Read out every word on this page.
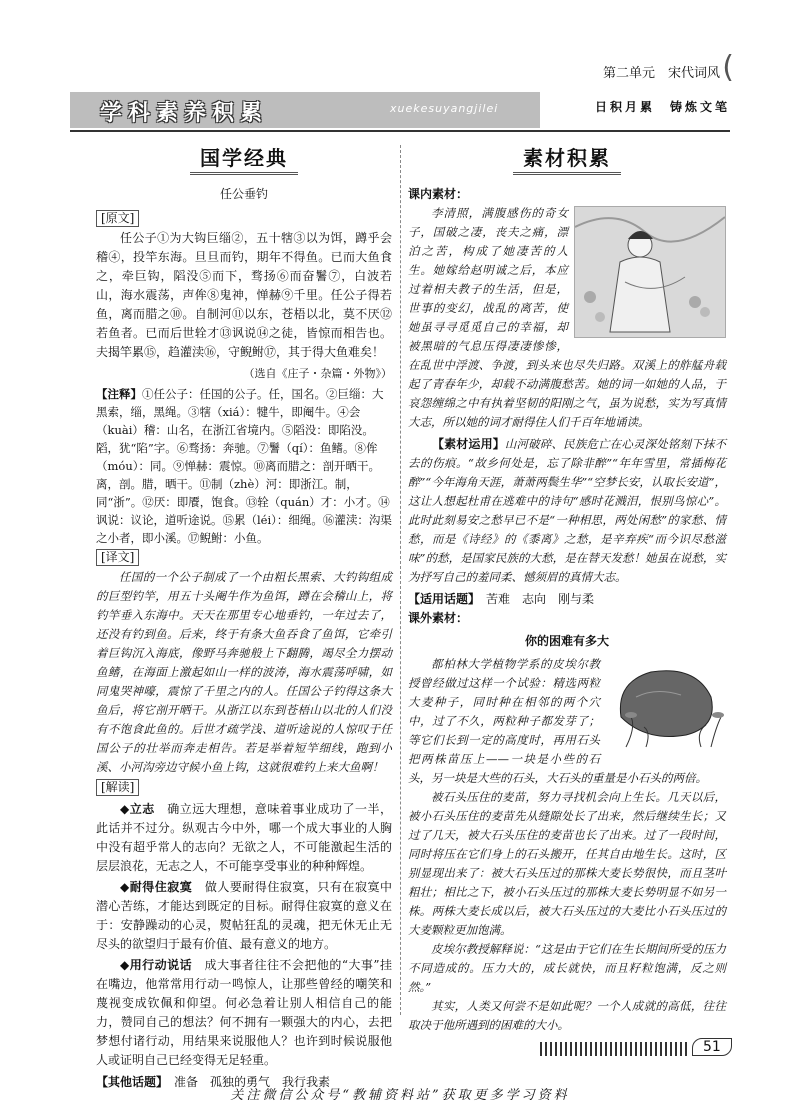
第二单元　宋代词风 (
学科素养积累	xuekesuyangjilei	日积月累　铸炼文笔
国学经典
任公垂钓
[原文]

任公子①为大钩巨缁②，五十犗③以为饵，蹲乎会稽④，投竿东海。旦旦而钓，期年不得鱼。已而大鱼食之，牵巨钩，䧟没⑤而下，骛扬⑥而奋鬐⑦，白波若山，海水震荡，声侔⑧鬼神，惮赫⑨千里。任公子得若鱼，离而腊之⑩。自制河⑪以东，苍梧以北，莫不厌⑫若鱼者。已而后世辁才⑬讽说⑭之徒，皆惊而相告也。夫揭竿累⑮，趋灌渎⑯，守鲵鲋⑰，其于得大鱼难矣！

（选自《庄子・杂篇・外物》）
【注释】①任公子：任国的公子。任，国名。②巨缁：大黑索，缁，黑绳。③犗（xiá）：犍牛，即阉牛。④会（kuài）稽：山名，在浙江省境内。⑤䧟没：即陷没。䧟，犹“陷”字。⑥骛扬：奔驰。⑦鬐（qí）：鱼鳍。⑧侔（móu）：同。⑨惮赫：震惊。⑩离而腊之：剖开晒干。离，剖。腊，晒干。⑪制（zhè）河：即浙江。制，同“浙”。⑫厌：即餍，饱食。⑬辁（quán）才：小才。⑭讽说：议论，道听途说。⑮累（léi）：细绳。⑯灌渎：沟渠之小者，即小溪。⑰鲵鲋：小鱼。
[译文]

任国的一个公子制成了一个由粗长黑索、大钓钩组成的巨型钓竿，用五十头阉牛作为鱼饵，蹲在会稽山上，将钓竿垂入东海中。天天在那里专心地垂钓，一年过去了，还没有钓到鱼。后来，终于有条大鱼吞食了鱼饵，它牵引着巨钩沉入海底，像野马奔驰般上下翻腾，竭尽全力摆动鱼鳍，在海面上激起如山一样的波涛，海水震荡呼啸，如同鬼哭神嚎，震惊了千里之内的人。任国公子钓得这条大鱼后，将它剖开晒干。从浙江以东到苍梧山以北的人们没有不饱食此鱼的。后世才疏学浅、道听途说的人惊叹于任国公子的壮举而奔走相告。若是举着短竿细线，跑到小溪、小河沟旁边守候小鱼上钩，这就很难钓上来大鱼啊！

[解读]

◆立志　 确立远大理想，意味着事业成功了一半，此话并不过分。纵观古今中外，哪一个成大事业的人胸中没有超乎常人的志向？无欲之人，不可能激起生活的层层浪花，无志之人，不可能享受事业的种种辉煌。

◆耐得住寂寞　 做人要耐得住寂寞，只有在寂寞中潜心苦练，才能达到既定的目标。耐得住寂寞的意义在于：安静躁动的心灵，熨帖狂乱的灵魂，把无休无止无尽头的欲望归于最有价值、最有意义的地方。

◆用行动说话　 成大事者往往不会把他的“大事”挂在嘴边，他常常用行动一鸣惊人，让那些曾经的嘲笑和蔑视变成钦佩和仰望。何必急着让别人相信自己的能力，赞同自己的想法？何不拥有一颗强大的内心，去把梦想付诸行动，用结果来说服他人？也许到时候说服他人或证明自己已经变得无足轻重。

【其他话题】　 准备　孤独的勇气　我行我素
素材积累
课内素材：

李清照，满腹感伤的奇女子，国破之凄，丧夫之痛，漂泊之苦，构成了她凄苦的人生。她嫁给赵明诚之后，本应过着相夫教子的生活，但是，世事的变幻，战乱的离苦，使她虽寻寻觅觅自己的幸福，却被黑暗的气息压得凄凄惨惨，在乱世中浮渡、争渡，到头来也尽失归路。双溪上的舴艋舟载起了青春年少，却载不动满腹愁苦。她的词一如她的人品，于哀怨缠绵之中有执着坚韧的阳刚之气，虽为说愁，实为写真情大志，所以她的词才耐得住人们千百年地诵读。

【素材运用】山河破碎、民族危亡在心灵深处铭刻下抹不去的伤痕。“故乡何处是，忘了除非醉”“年年雪里，常插梅花醉”“今年海角天涯，萧萧两鬓生华”“空梦长安，认取长安道”，这让人想起杜甫在逃难中的诗句“感时花溅泪，恨别鸟惊心”。此时此刻易安之愁早已不是“一种相思，两处闲愁”的家愁、情愁，而是《诗经》的《黍离》之愁，是辛弃疾“而今识尽愁滋味”的愁，是国家民族的大愁，是在替天发愁！她虽在说愁，实为抒写自己的羞同柔、憾须眉的真情大志。

【适用话题】　 苦难　志向　刚与柔
课外素材：
你的困难有多大

都柏林大学植物学系的皮埃尔教授曾经做过这样一个试验：精选两粒大麦种子，同时种在相邻的两个穴中，过了不久，两粒种子都发芽了；等它们长到一定的高度时，再用石头把两株苗压上——一块是小些的石头，另一块是大些的石头，大石头的重量是小石头的两倍。

被石头压住的麦苗，努力寻找机会向上生长。几天以后，被小石头压住的麦苗先从缝隙处长了出来，然后继续生长；又过了几天，被大石头压住的麦苗也长了出来。过了一段时间，同时将压在它们身上的石头搬开，任其自由地生长。这时，区别显现出来了：被大石头压过的那株大麦长势很快，而且茎叶粗壮；相比之下，被小石头压过的那株大麦长势明显不如另一株。两株大麦长成以后，被大石头压过的大麦比小石头压过的大麦颗粒更加饱满。

皮埃尔教授解释说：“这是由于它们在生长期间所受的压力不同造成的。压力大的，成长就快，而且籽粒饱满，反之则然。”

其实，人类又何尝不是如此呢？一个人成就的高低，往往取决于他所遇到的困难的大小。

51
关注微信公众号“教辅资料站”获取更多学习资料
